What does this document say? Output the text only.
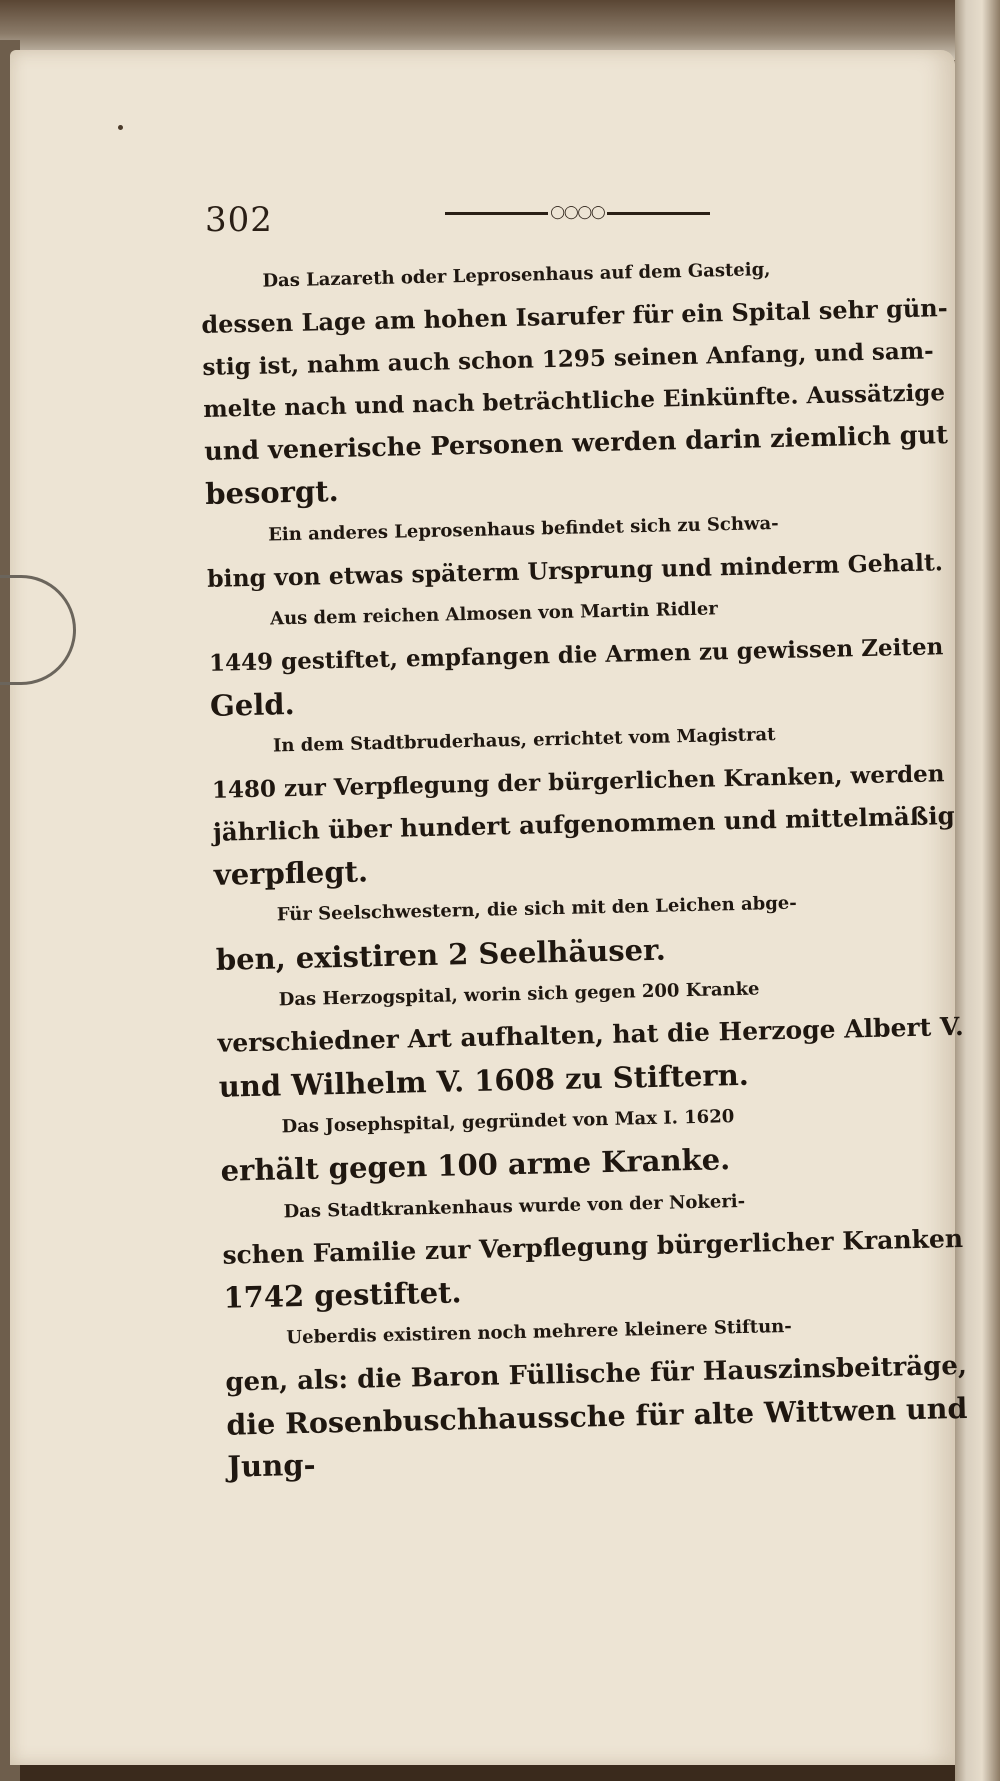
302	◯◯◯◯
Das Lazareth oder Leprosenhaus auf dem Gasteig,
dessen Lage am hohen Isarufer für ein Spital sehr gün-
stig ist, nahm auch schon 1295 seinen Anfang, und sam-
melte nach und nach beträchtliche Einkünfte. Aussätzige
und venerische Personen werden darin ziemlich gut
besorgt.
Ein anderes Leprosenhaus befindet sich zu Schwa-
bing von etwas späterm Ursprung und minderm Gehalt.
Aus dem reichen Almosen von Martin Ridler
1449 gestiftet, empfangen die Armen zu gewissen Zeiten
Geld.
In dem Stadtbruderhaus, errichtet vom Magistrat
1480 zur Verpflegung der bürgerlichen Kranken, werden
jährlich über hundert aufgenommen und mittelmäßig
verpflegt.
Für Seelschwestern, die sich mit den Leichen abge-
ben, existiren 2 Seelhäuser.
Das Herzogspital, worin sich gegen 200 Kranke
verschiedner Art aufhalten, hat die Herzoge Albert V.
und Wilhelm V. 1608 zu Stiftern.
Das Josephspital, gegründet von Max I. 1620
erhält gegen 100 arme Kranke.
Das Stadtkrankenhaus wurde von der Nokeri-
schen Familie zur Verpflegung bürgerlicher Kranken
1742 gestiftet.
Ueberdis existiren noch mehrere kleinere Stiftun-
gen, als: die Baron Füllische für Hauszinsbeiträge,
die Rosenbuschhaussche für alte Wittwen und
Jung-
